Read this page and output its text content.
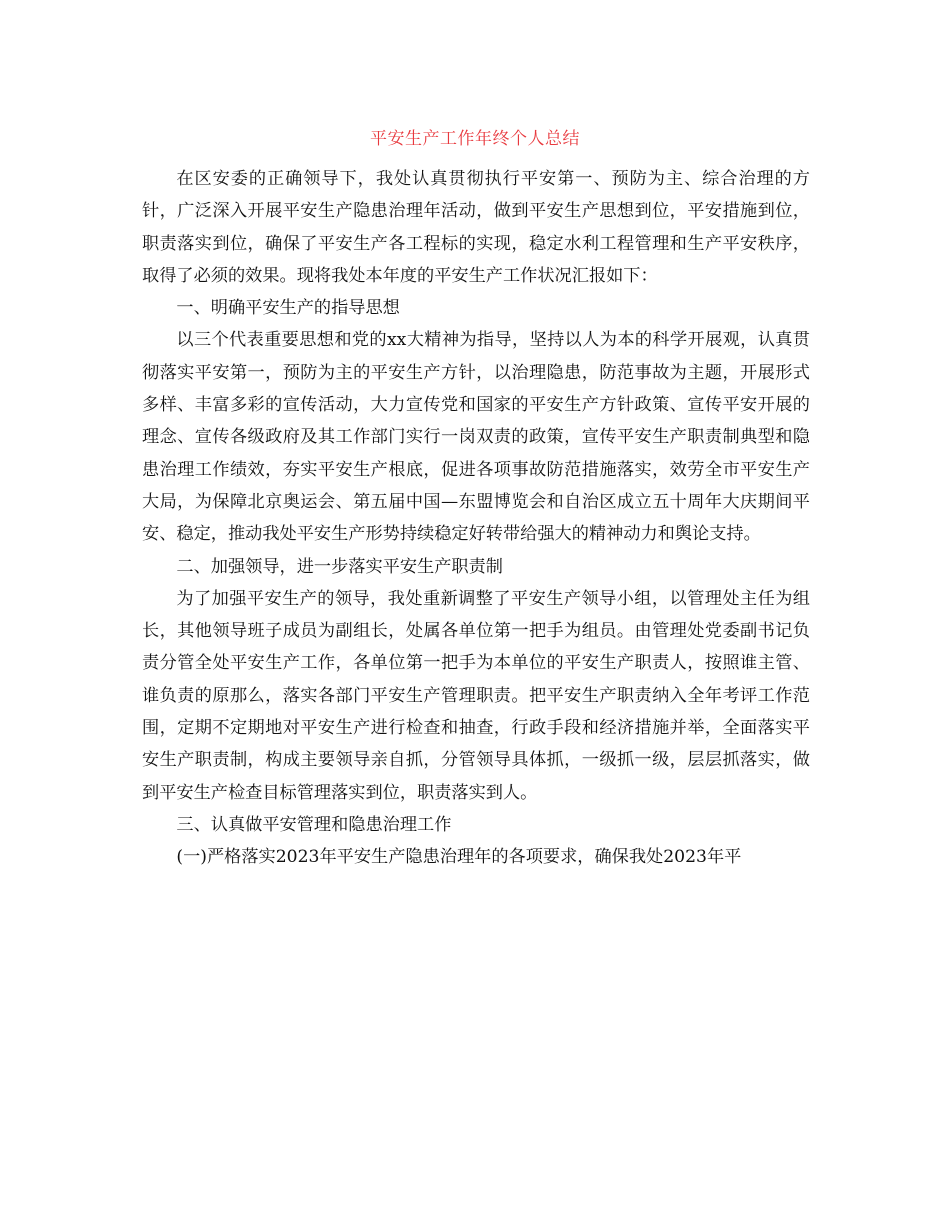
平安生产工作年终个人总结

在区安委的正确领导下，我处认真贯彻执行平安第一、预防为主、综合治理的方针，广泛深入开展平安生产隐患治理年活动，做到平安生产思想到位，平安措施到位，职责落实到位，确保了平安生产各工程标的实现，稳定水利工程管理和生产平安秩序，取得了必须的效果。现将我处本年度的平安生产工作状况汇报如下：

一、明确平安生产的指导思想

以三个代表重要思想和党的xx大精神为指导，坚持以人为本的科学开展观，认真贯彻落实平安第一，预防为主的平安生产方针，以治理隐患，防范事故为主题，开展形式多样、丰富多彩的宣传活动，大力宣传党和国家的平安生产方针政策、宣传平安开展的理念、宣传各级政府及其工作部门实行一岗双责的政策，宣传平安生产职责制典型和隐患治理工作绩效，夯实平安生产根底，促进各项事故防范措施落实，效劳全市平安生产大局，为保障北京奥运会、第五届中国—东盟博览会和自治区成立五十周年大庆期间平安、稳定，推动我处平安生产形势持续稳定好转带给强大的精神动力和舆论支持。

二、加强领导，进一步落实平安生产职责制

为了加强平安生产的领导，我处重新调整了平安生产领导小组，以管理处主任为组长，其他领导班子成员为副组长，处属各单位第一把手为组员。由管理处党委副书记负责分管全处平安生产工作，各单位第一把手为本单位的平安生产职责人，按照谁主管、谁负责的原那么，落实各部门平安生产管理职责。把平安生产职责纳入全年考评工作范围，定期不定期地对平安生产进行检查和抽查，行政手段和经济措施并举，全面落实平安生产职责制，构成主要领导亲自抓，分管领导具体抓，一级抓一级，层层抓落实，做到平安生产检查目标管理落实到位，职责落实到人。

三、认真做平安管理和隐患治理工作

(一)严格落实2023年平安生产隐患治理年的各项要求，确保我处2023年平
